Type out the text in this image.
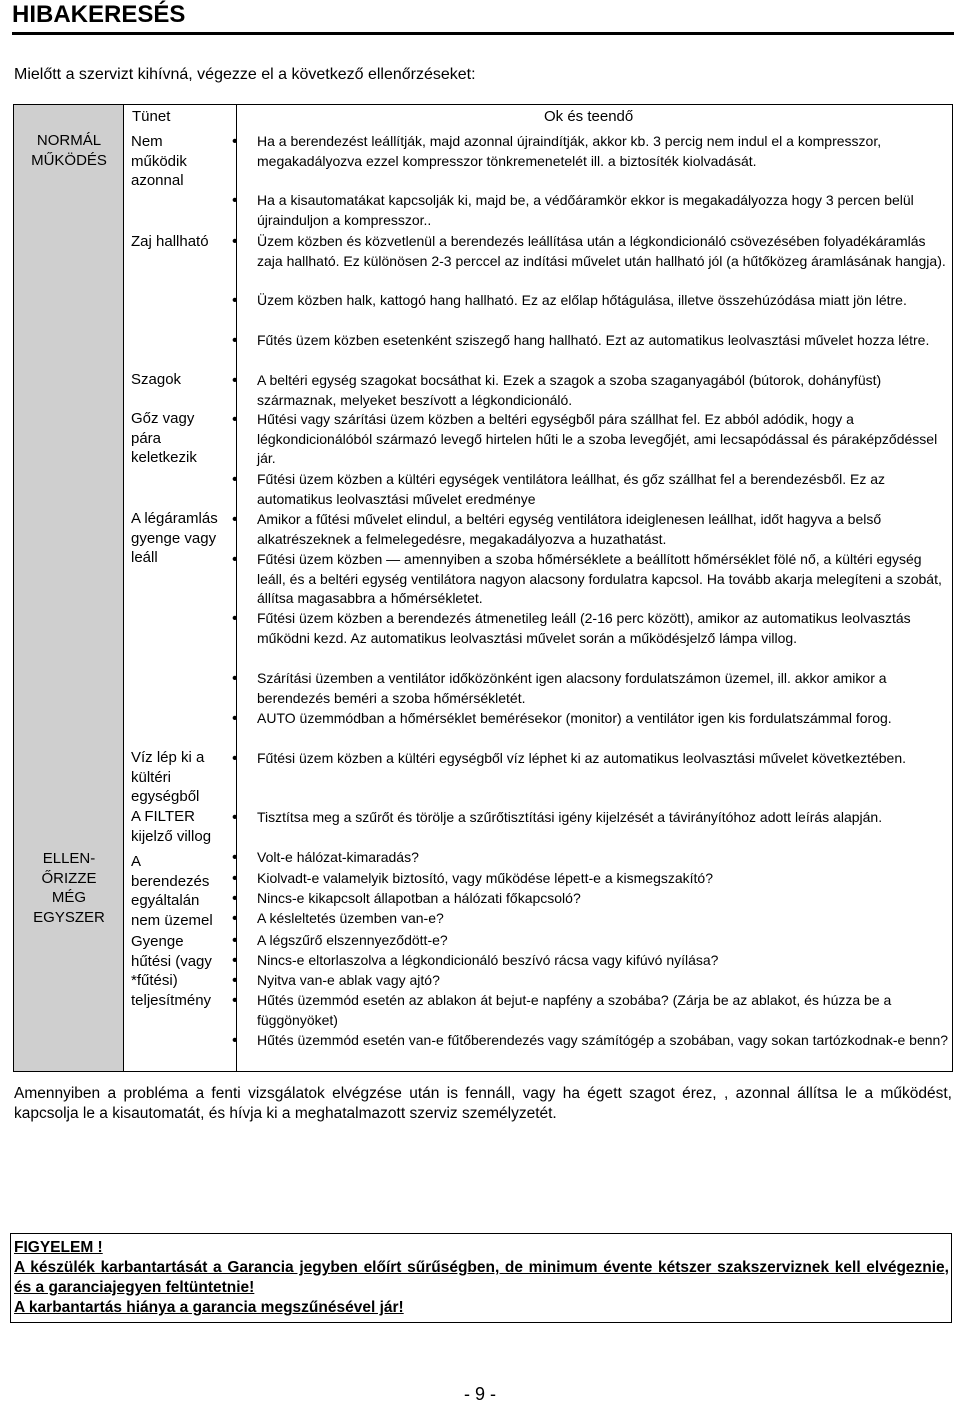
HIBAKERESÉS
Mielőtt a szervizt kihívná, végezze el a következő ellenőrzéseket:
NORMÁL
MŰKÖDÉS
ELLEN-
ŐRIZZE
MÉG
EGYSZER
Tünet	Ok és teendő
Nem
működik
azonnal
Zaj hallható
Szagok
Gőz vagy
pára
keletkezik
A légáramlás
gyenge vagy
leáll
Víz lép ki a
kültéri
egységből
A FILTER
kijelző villog
A
berendezés
egyáltalán
nem üzemel
Gyenge
hűtési (vagy
*fűtési)
teljesítmény
• Ha a berendezést leállítják, majd azonnal újraindítják, akkor kb. 3 percig nem indul el a kompresszor, megakadályozva ezzel kompresszor tönkremenetelét ill. a biztosíték kiolvadását.
• Ha a kisautomatákat kapcsolják ki, majd be, a védőáramkör ekkor is megakadályozza hogy 3 percen belül újrainduljon a kompresszor..
• Üzem közben és közvetlenül a berendezés leállítása után a légkondicionáló csövezésében folyadékáramlás zaja hallható. Ez különösen 2-3 perccel az indítási művelet után hallható jól (a hűtőközeg áramlásának hangja).
• Üzem közben halk, kattogó hang hallható. Ez az előlap hőtágulása, illetve összehúzódása miatt jön létre.
• Fűtés üzem közben esetenként sziszegő hang hallható. Ezt az automatikus leolvasztási művelet hozza létre.
• A beltéri egység szagokat bocsáthat ki. Ezek a szagok a szoba szaganyagából (bútorok, dohányfüst) származnak, melyeket beszívott a légkondicionáló.
• Hűtési vagy szárítási üzem közben a beltéri egységből pára szállhat fel. Ez abból adódik, hogy a légkondicionálóból származó levegő hirtelen hűti le a szoba levegőjét, ami lecsapódással és páraképződéssel jár.
• Fűtési üzem közben a kültéri egységek ventilátora leállhat, és gőz szállhat fel a berendezésből. Ez az automatikus leolvasztási művelet eredménye
• Amikor a fűtési művelet elindul, a beltéri egység ventilátora ideiglenesen leállhat, időt hagyva a belső alkatrészeknek a felmelegedésre, megakadályozva a huzathatást.
• Fűtési üzem közben — amennyiben a szoba hőmérséklete a beállított hőmérséklet fölé nő, a kültéri egység leáll, és a beltéri egység ventilátora nagyon alacsony fordulatra kapcsol. Ha tovább akarja melegíteni a szobát, állítsa magasabbra a hőmérsékletet.
• Fűtési üzem közben a berendezés átmenetileg leáll (2-16 perc között), amikor az automatikus leolvasztás működni kezd. Az automatikus leolvasztási művelet során a működésjelző lámpa villog.
• Szárítási üzemben a ventilátor időközönként igen alacsony fordulatszámon üzemel, ill. akkor amikor a berendezés beméri a szoba hőmérsékletét.
• AUTO üzemmódban a hőmérséklet bemérésekor (monitor) a ventilátor igen kis fordulatszámmal forog.
• Fűtési üzem közben a kültéri egységből víz léphet ki az automatikus leolvasztási művelet következtében.
• Tisztítsa meg a szűrőt és törölje a szűrőtisztítási igény kijelzését a távirányítóhoz adott leírás alapján.
• Volt-e hálózat-kimaradás?
• Kiolvadt-e valamelyik biztosító, vagy működése lépett-e a kismegszakító?
• Nincs-e kikapcsolt állapotban a hálózati főkapcsoló?
• A késleltetés üzemben van-e?
• A légszűrő elszennyeződött-e?
• Nincs-e eltorlaszolva a légkondicionáló beszívó rácsa vagy kifúvó nyílása?
• Nyitva van-e ablak vagy ajtó?
• Hűtés üzemmód esetén az ablakon át bejut-e napfény a szobába? (Zárja be az ablakot, és húzza be a függönyöket)
• Hűtés üzemmód esetén van-e fűtőberendezés vagy számítógép a szobában, vagy sokan tartózkodnak-e benn?
Amennyiben a probléma a fenti vizsgálatok elvégzése után is fennáll, vagy ha égett szagot érez, , azonnal állítsa le a működést, kapcsolja le a kisautomatát, és hívja ki a meghatalmazott szerviz személyzetét.
FIGYELEM !
A készülék karbantartását a Garancia jegyben előírt sűrűségben, de minimum évente kétszer szakszerviznek kell elvégeznie, és a garanciajegyen feltüntetnie!
A karbantartás hiánya a garancia megszűnésével jár!
- 9 -
